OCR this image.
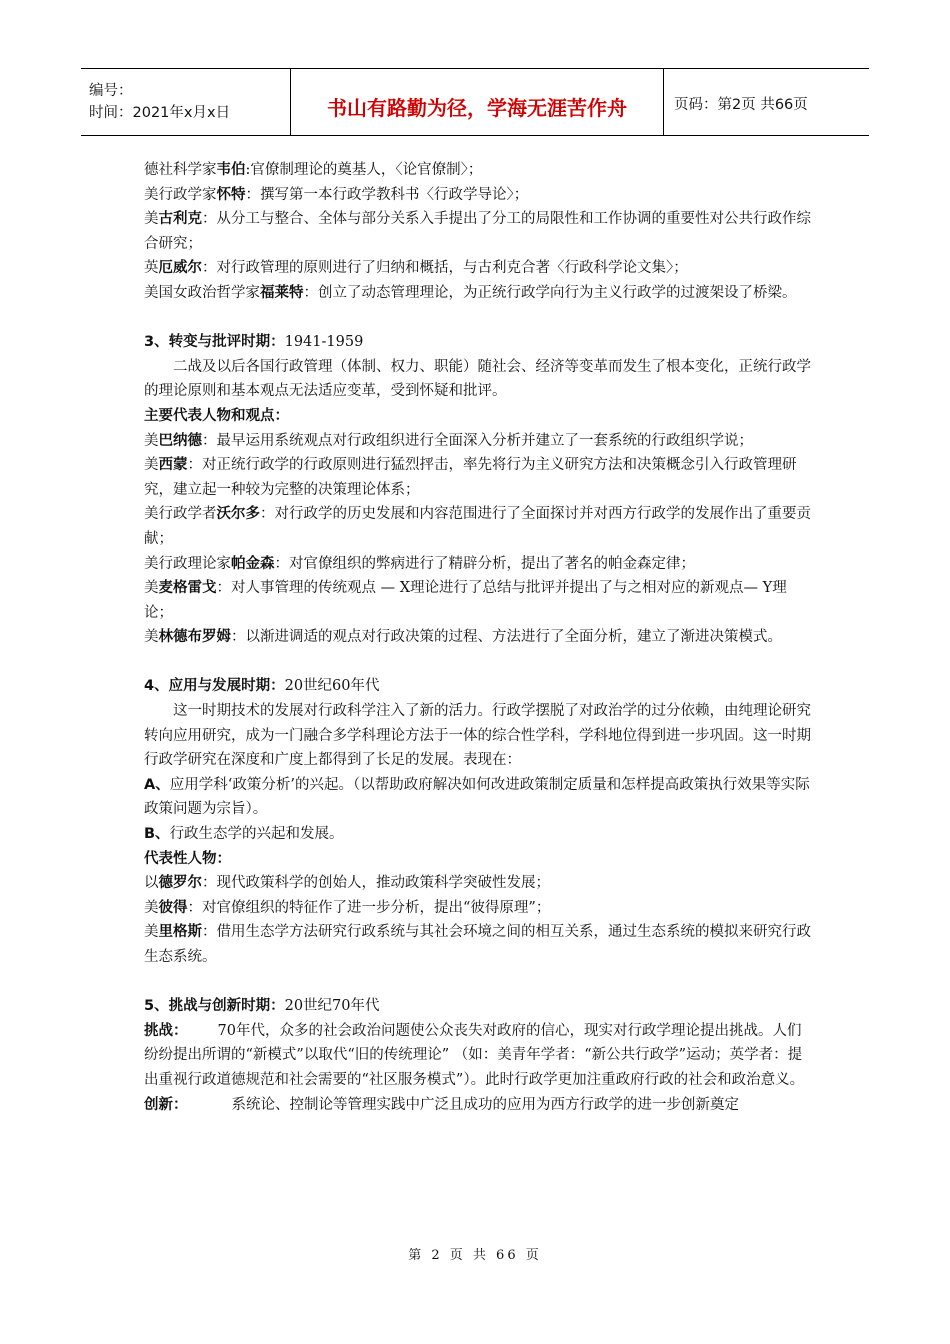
编号：
时间：2021年x月x日	书山有路勤为径，学海无涯苦作舟	页码：第2页 共66页

德社科学家韦伯:官僚制理论的奠基人，〈论官僚制〉；

美行政学家怀特：撰写第一本行政学教科书〈行政学导论〉；

美古利克：从分工与整合、全体与部分关系入手提出了分工的局限性和工作协调的重要性对公共行政作综合研究；

英厄威尔：对行政管理的原则进行了归纳和概括，与古利克合著〈行政科学论文集〉；

美国女政治哲学家福莱特：创立了动态管理理论，为正统行政学向行为主义行政学的过渡架设了桥梁。

3、转变与批评时期：1941-1959

二战及以后各国行政管理（体制、权力、职能）随社会、经济等变革而发生了根本变化，正统行政学的理论原则和基本观点无法适应变革，受到怀疑和批评。

主要代表人物和观点：

美巴纳德：最早运用系统观点对行政组织进行全面深入分析并建立了一套系统的行政组织学说；

美西蒙：对正统行政学的行政原则进行猛烈抨击，率先将行为主义研究方法和决策概念引入行政管理研究，建立起一种较为完整的决策理论体系；

美行政学者沃尔多：对行政学的历史发展和内容范围进行了全面探讨并对西方行政学的发展作出了重要贡献；

美行政理论家帕金森：对官僚组织的弊病进行了精辟分析，提出了著名的帕金森定律；

美麦格雷戈：对人事管理的传统观点 — X理论进行了总结与批评并提出了与之相对应的新观点— Y理论；

美林德布罗姆：以渐进调适的观点对行政决策的过程、方法进行了全面分析，建立了渐进决策模式。

4、应用与发展时期：20世纪60年代

这一时期技术的发展对行政科学注入了新的活力。行政学摆脱了对政治学的过分依赖，由纯理论研究转向应用研究，成为一门融合多学科理论方法于一体的综合性学科，学科地位得到进一步巩固。这一时期行政学研究在深度和广度上都得到了长足的发展。表现在：

A、应用学科‘政策分析’的兴起。（以帮助政府解决如何改进政策制定质量和怎样提高政策执行效果等实际政策问题为宗旨）。

B、行政生态学的兴起和发展。

代表性人物：

以德罗尔：现代政策科学的创始人，推动政策科学突破性发展；

美彼得：对官僚组织的特征作了进一步分析，提出“彼得原理”；

美里格斯：借用生态学方法研究行政系统与其社会环境之间的相互关系，通过生态系统的模拟来研究行政生态系统。

5、挑战与创新时期：20世纪70年代

挑战： 70年代，众多的社会政治问题使公众丧失对政府的信心，现实对行政学理论提出挑战。人们纷纷提出所谓的“新模式”以取代“旧的传统理论” （如：美青年学者：“新公共行政学”运动；英学者：提出重视行政道德规范和社会需要的“社区服务模式”）。此时行政学更加注重政府行政的社会和政治意义。

创新：	系统论、控制论等管理实践中广泛且成功的应用为西方行政学的进一步创新奠定

第 2 页 共 66 页
